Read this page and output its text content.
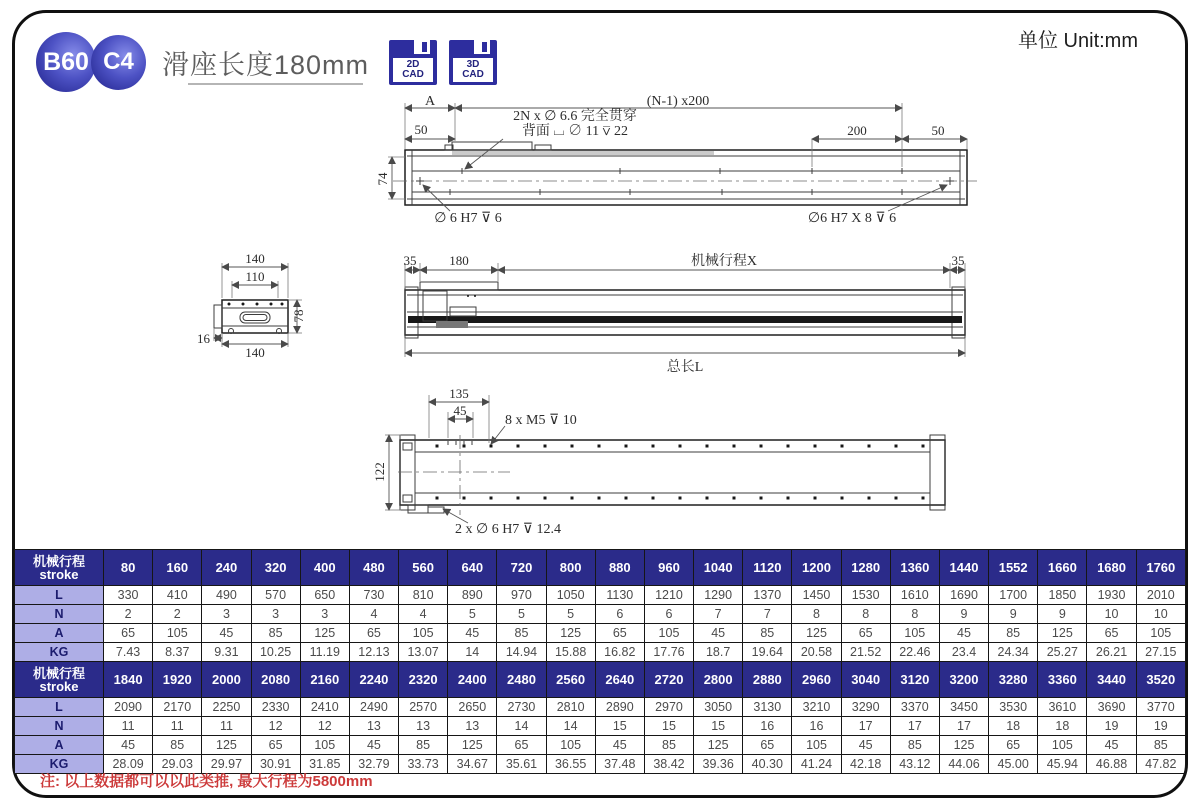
单位 Unit:mm
B60 C4	滑座长度180mm	2D
CAD
3D
CAD
A	(N-1) x200
50	200	50
74
2N x ∅ 6.6 完全贯穿
背面 ⌴ ∅ 11 ⊽ 22
∅ 6 H7 ⊽ 6	∅6 H7 X 8 ⊽ 6
140
110
78
16
140
35	180	机械行程X	35
总长L
135
45
8 x M5 ⊽ 10
122
2 x ∅ 6 H7 ⊽ 12.4
机械行程
stroke	80	160	240	320	400	480	560	640	720	800	880	960	1040	1120	1200	1280	1360	1440	1552	1660	1680	1760
L	330	410	490	570	650	730	810	890	970	1050	1130	1210	1290	1370	1450	1530	1610	1690	1700	1850	1930	2010
N	2	2	3	3	3	4	4	5	5	5	6	6	7	7	8	8	8	9	9	9	10	10
A	65	105	45	85	125	65	105	45	85	125	65	105	45	85	125	65	105	45	85	125	65	105
KG	7.43	8.37	9.31	10.25	11.19	12.13	13.07	14	14.94	15.88	16.82	17.76	18.7	19.64	20.58	21.52	22.46	23.4	24.34	25.27	26.21	27.15

机械行程
stroke	1840	1920	2000	2080	2160	2240	2320	2400	2480	2560	2640	2720	2800	2880	2960	3040	3120	3200	3280	3360	3440	3520
L	2090	2170	2250	2330	2410	2490	2570	2650	2730	2810	2890	2970	3050	3130	3210	3290	3370	3450	3530	3610	3690	3770
N	11	11	11	12	12	13	13	13	14	14	15	15	15	16	16	17	17	17	18	18	19	19
A	45	85	125	65	105	45	85	125	65	105	45	85	125	65	105	45	85	125	65	105	45	85
KG	28.09	29.03	29.97	30.91	31.85	32.79	33.73	34.67	35.61	36.55	37.48	38.42	39.36	40.30	41.24	42.18	43.12	44.06	45.00	45.94	46.88	47.82
注: 以上数据都可以以此类推, 最大行程为5800mm
